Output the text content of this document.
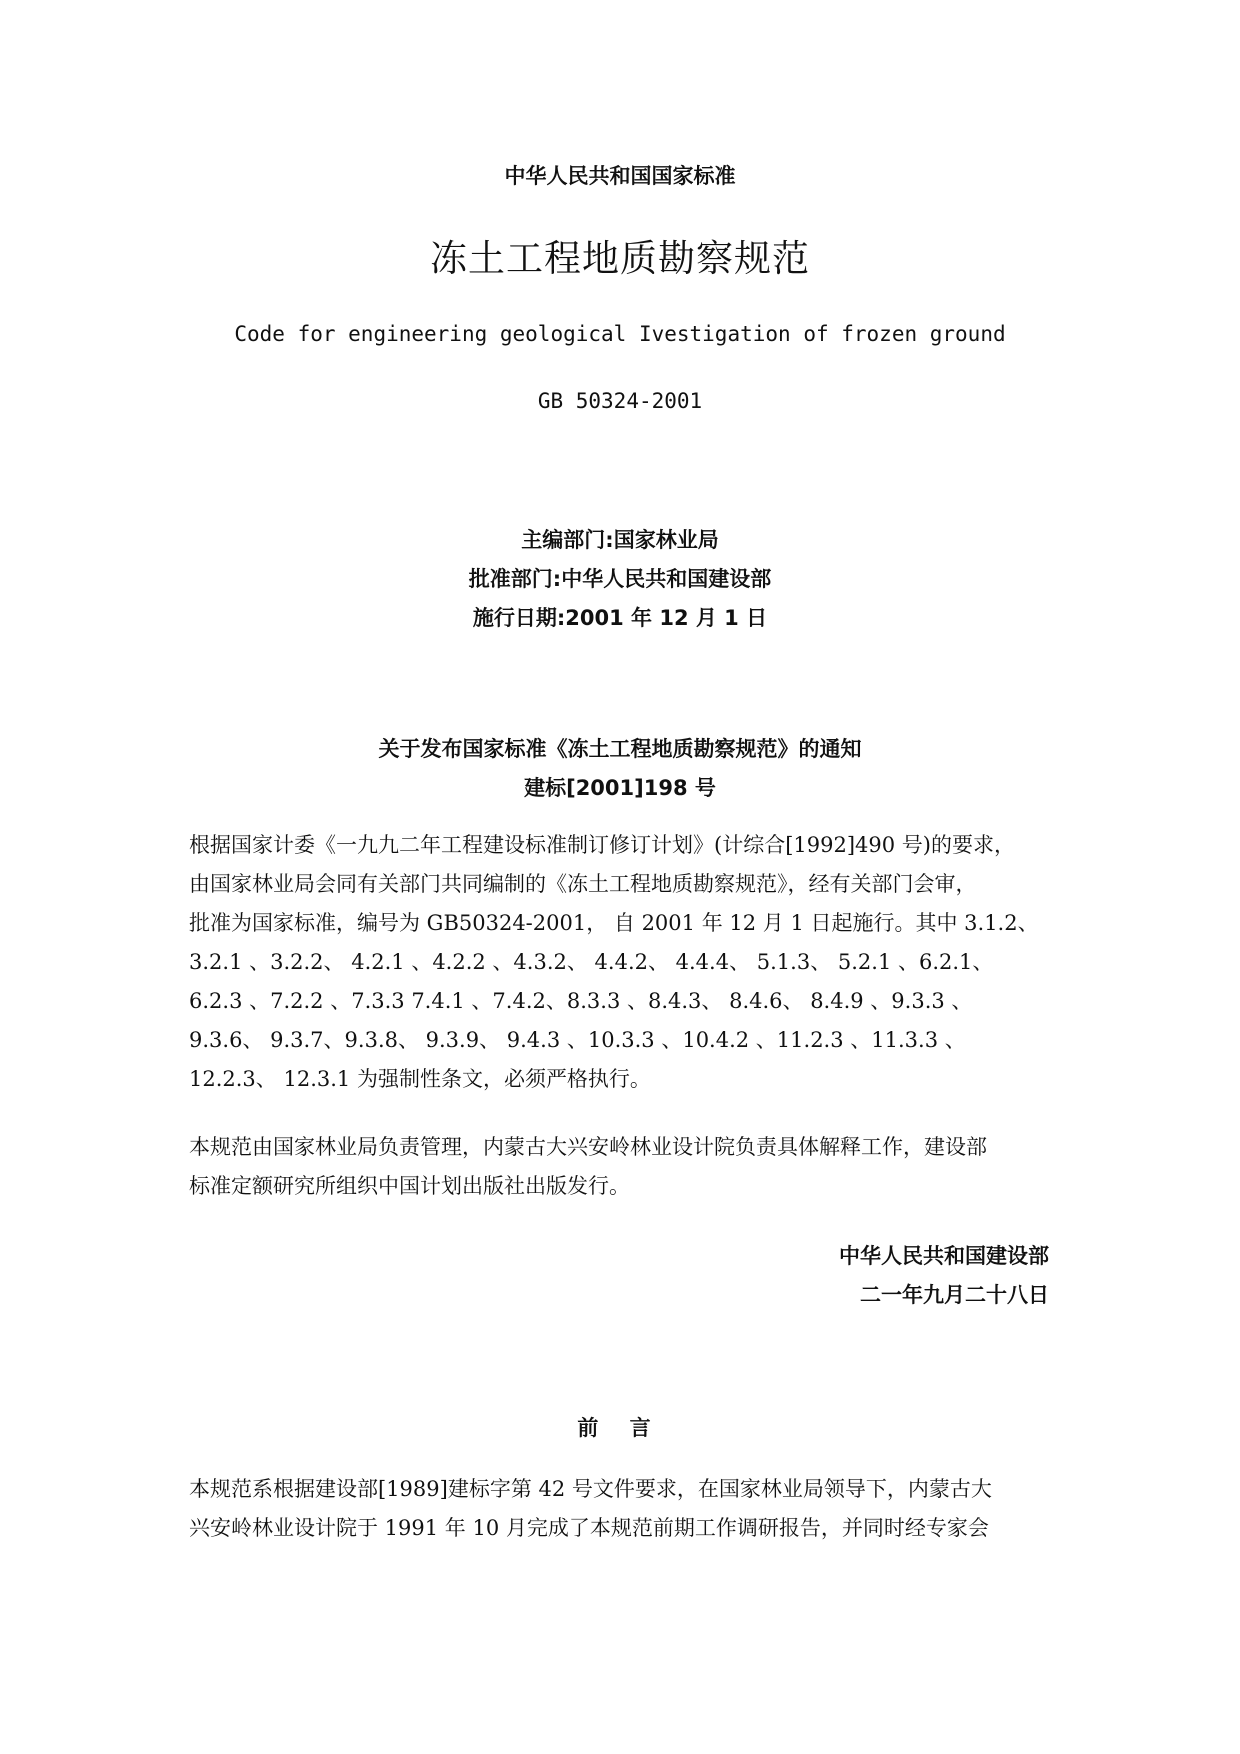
中华人民共和国国家标准
冻土工程地质勘察规范
Code for engineering geological Ivestigation of frozen ground
GB 50324-2001
主编部门:国家林业局
批准部门:中华人民共和国建设部
施行日期:2001 年 12 月 1 日
关于发布国家标准《冻土工程地质勘察规范》的通知
建标[2001]198 号
根据国家计委《一九九二年工程建设标准制订修订计划》(计综合[1992]490 号)的要求，
由国家林业局会同有关部门共同编制的《冻土工程地质勘察规范》，经有关部门会审，
批准为国家标准，编号为 GB50324-2001， 自 2001 年 12 月 1 日起施行。其中 3.1.2、
3.2.1 、3.2.2、 4.2.1 、4.2.2 、4.3.2、 4.4.2、 4.4.4、 5.1.3、 5.2.1 、6.2.1、
6.2.3 、7.2.2 、7.3.3 7.4.1 、7.4.2、8.3.3 、8.4.3、 8.4.6、 8.4.9 、9.3.3 、
9.3.6、 9.3.7、9.3.8、 9.3.9、 9.4.3 、10.3.3 、10.4.2 、11.2.3 、11.3.3 、
12.2.3、 12.3.1 为强制性条文，必须严格执行。
本规范由国家林业局负责管理，内蒙古大兴安岭林业设计院负责具体解释工作，建设部
标准定额研究所组织中国计划出版社出版发行。
中华人民共和国建设部
二一年九月二十八日
前 言
本规范系根据建设部[1989]建标字第 42 号文件要求，在国家林业局领导下，内蒙古大
兴安岭林业设计院于 1991 年 10 月完成了本规范前期工作调研报告，并同时经专家会
